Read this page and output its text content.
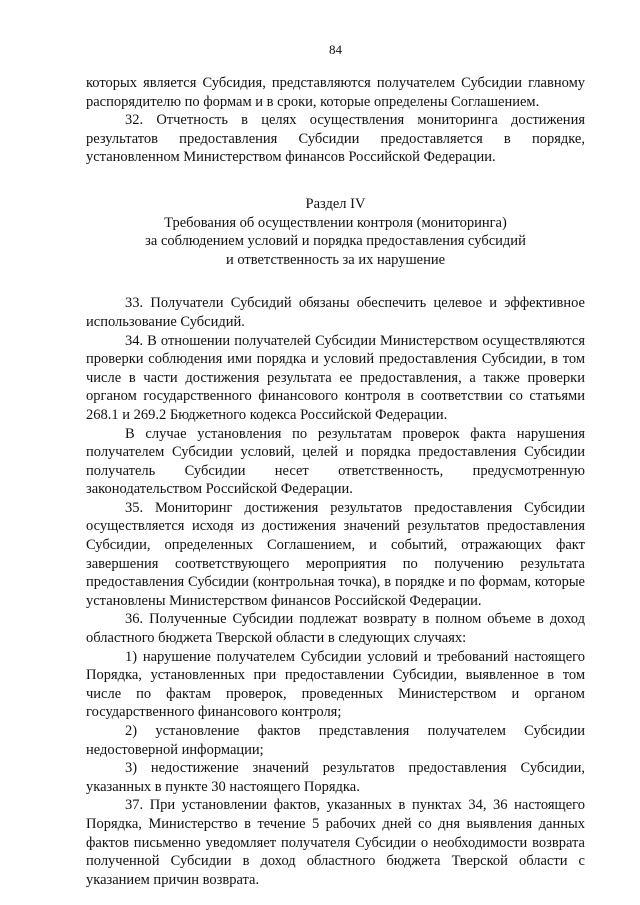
84

которых является Субсидия, представляются получателем Субсидии главному распорядителю по формам и в сроки, которые определены Соглашением.

32. Отчетность в целях осуществления мониторинга достижения результатов предоставления Субсидии предоставляется в порядке, установленном Министерством финансов Российской Федерации.

Раздел IV

Требования об осуществлении контроля (мониторинга)

за соблюдением условий и порядка предоставления субсидий

и ответственность за их нарушение

33. Получатели Субсидий обязаны обеспечить целевое и эффективное использование Субсидий.

34. В отношении получателей Субсидии Министерством осуществляются проверки соблюдения ими порядка и условий предоставления Субсидии, в том числе в части достижения результата ее предоставления, а также проверки органом государственного финансового контроля в соответствии со статьями 268.1 и 269.2 Бюджетного кодекса Российской Федерации.

В случае установления по результатам проверок факта нарушения получателем Субсидии условий, целей и порядка предоставления Субсидии получатель Субсидии несет ответственность, предусмотренную законодательством Российской Федерации.

35. Мониторинг достижения результатов предоставления Субсидии осуществляется исходя из достижения значений результатов предоставления Субсидии, определенных Соглашением, и событий, отражающих факт завершения соответствующего мероприятия по получению результата предоставления Субсидии (контрольная точка), в порядке и по формам, которые установлены Министерством финансов Российской Федерации.

36. Полученные Субсидии подлежат возврату в полном объеме в доход областного бюджета Тверской области в следующих случаях:

1) нарушение получателем Субсидии условий и требований настоящего Порядка, установленных при предоставлении Субсидии, выявленное в том числе по фактам проверок, проведенных Министерством и органом государственного финансового контроля;

2) установление фактов представления получателем Субсидии недостоверной информации;

3) недостижение значений результатов предоставления Субсидии, указанных в пункте 30 настоящего Порядка.

37. При установлении фактов, указанных в пунктах 34, 36 настоящего Порядка, Министерство в течение 5 рабочих дней со дня выявления данных фактов письменно уведомляет получателя Субсидии о необходимости возврата полученной Субсидии в доход областного бюджета Тверской области с указанием причин возврата.
